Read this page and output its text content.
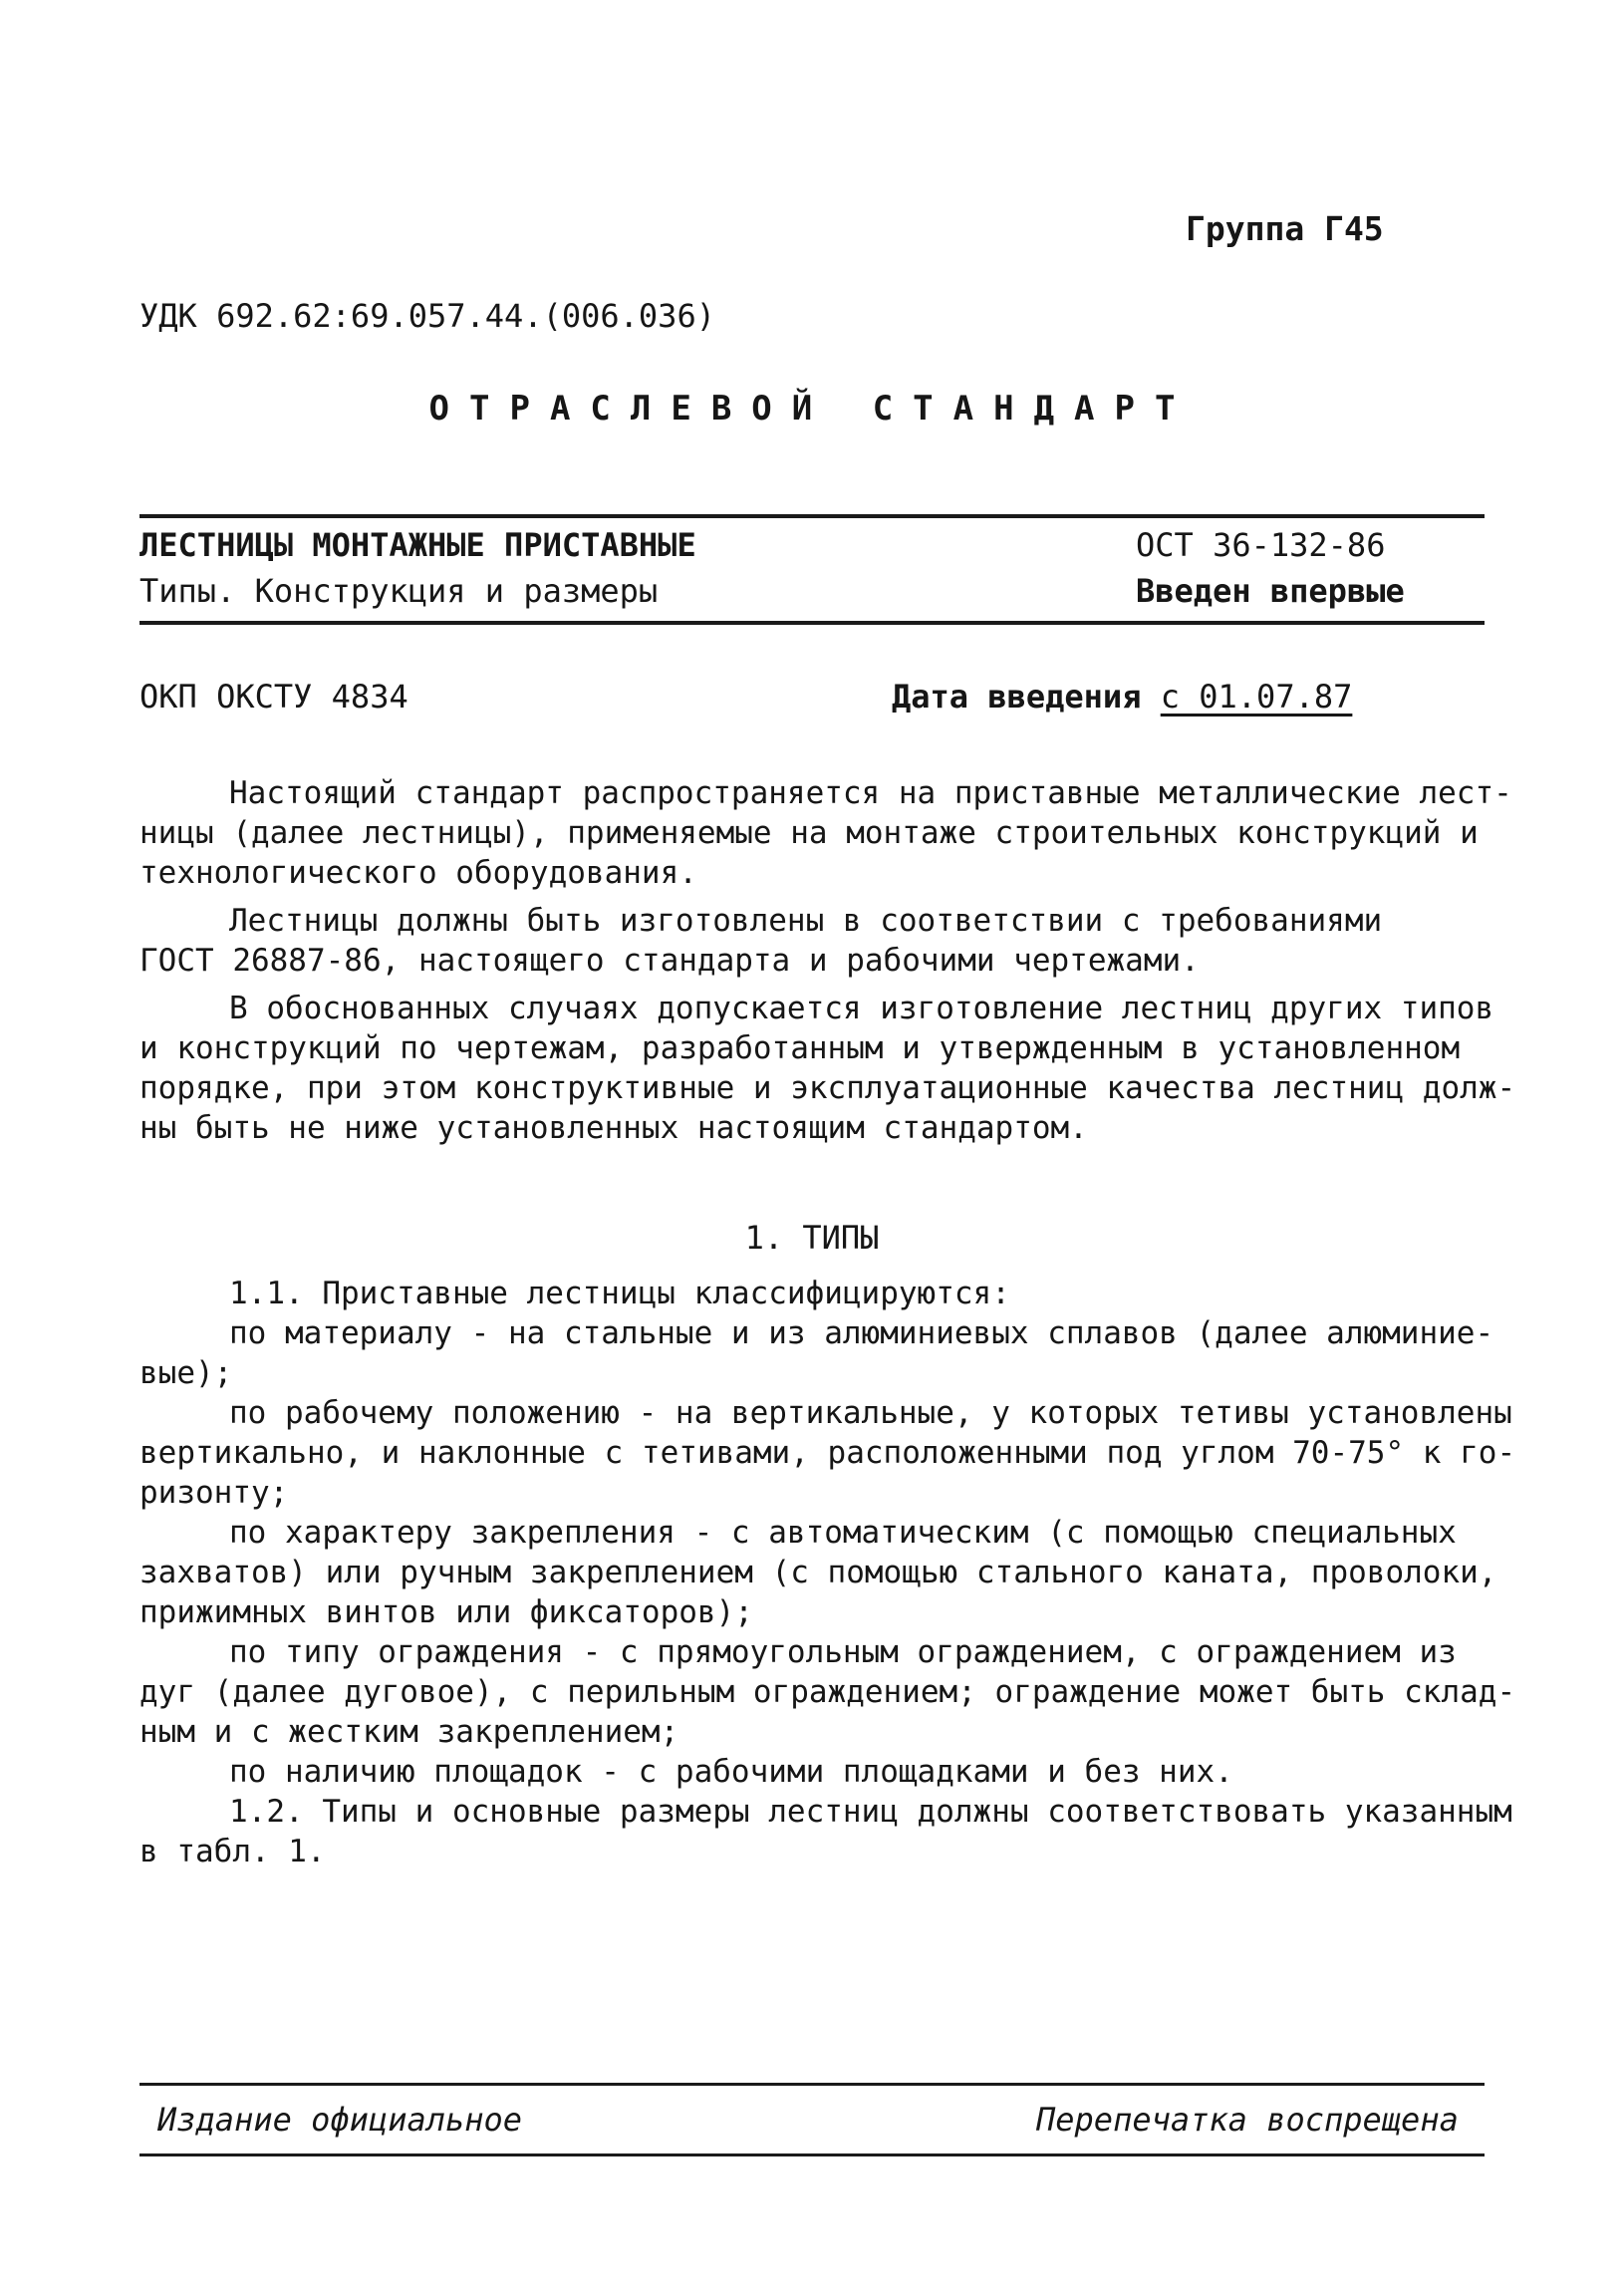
Группа Г45
УДК 692.62:69.057.44.(006.036)
ОТРАСЛЕВОЙ СТАНДАРТ
ЛЕСТНИЦЫ МОНТАЖНЫЕ ПРИСТАВНЫЕ
Типы. Конструкция и размеры
ОСТ 36-132-86
Введен впервые
ОКП ОКСТУ 4834	Дата введения с 01.07.87
Настоящий стандарт распространяется на приставные металлические лест-
ницы (далее лестницы), применяемые на монтаже строительных конструкций и
технологического оборудования.
Лестницы должны быть изготовлены в соответствии с требованиями
ГОСТ 26887-86, настоящего стандарта и рабочими чертежами.
В обоснованных случаях допускается изготовление лестниц других типов
и конструкций по чертежам, разработанным и утвержденным в установленном
порядке, при этом конструктивные и эксплуатационные качества лестниц долж-
ны быть не ниже установленных настоящим стандартом.
1. ТИПЫ
1.1. Приставные лестницы классифицируются:
по материалу - на стальные и из алюминиевых сплавов (далее алюминие-
вые);
по рабочему положению - на вертикальные, у которых тетивы установлены
вертикально, и наклонные с тетивами, расположенными под углом 70-75° к го-
ризонту;
по характеру закрепления - с автоматическим (с помощью специальных
захватов) или ручным закреплением (с помощью стального каната, проволоки,
прижимных винтов или фиксаторов);
по типу ограждения - с прямоугольным ограждением, с ограждением из
дуг (далее дуговое), с перильным ограждением; ограждение может быть склад-
ным и с жестким закреплением;
по наличию площадок - с рабочими площадками и без них.
1.2. Типы и основные размеры лестниц должны соответствовать указанным
в табл. 1.
Издание официальное	Перепечатка воспрещена
